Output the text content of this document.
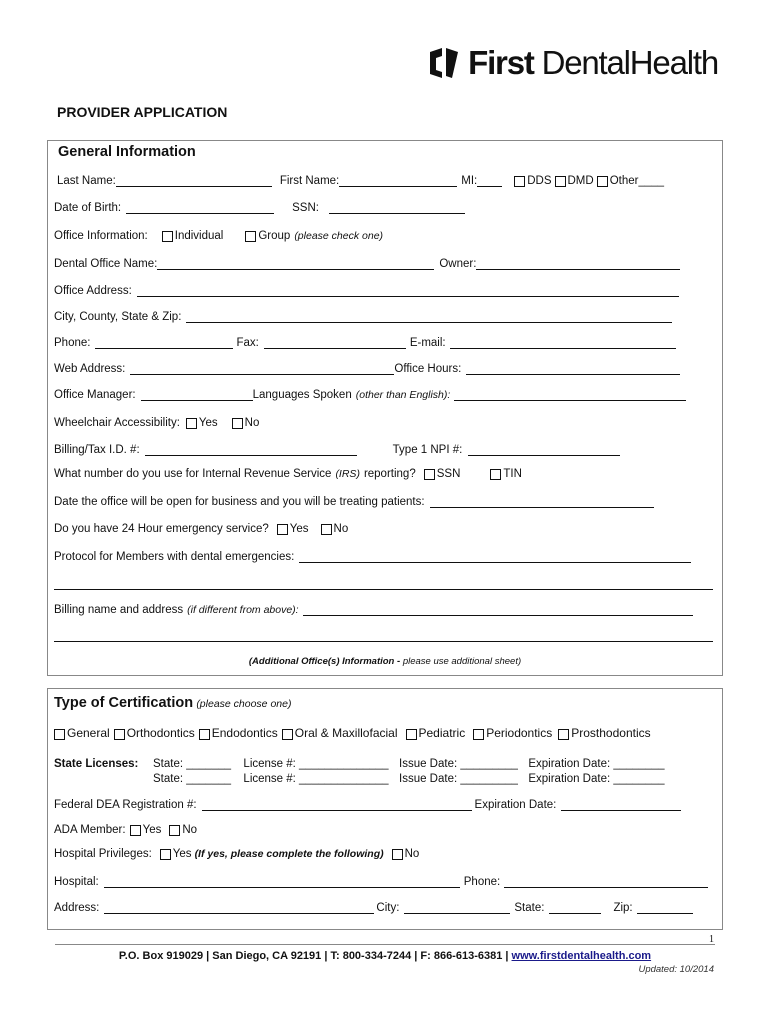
First DentalHealth
PROVIDER APPLICATION
General Information
Last Name:	First Name:	MI:	DDS DMD Other____
Date of Birth:	SSN:
Office Information: Individual	Group (please check one)
Dental Office Name:	Owner:
Office Address:
City, County, State & Zip:
Phone:	Fax:	E-mail:
Web Address:	Office Hours:
Office Manager:	Languages Spoken (other than English):
Wheelchair Accessibility: Yes No
Billing/Tax I.D. #:	Type 1 NPI #:
What number do you use for Internal Revenue Service (IRS) reporting? SSN	TIN
Date the office will be open for business and you will be treating patients:
Do you have 24 Hour emergency service? Yes No
Protocol for Members with dental emergencies:
Billing name and address (if different from above):
(Additional Office(s) Information - please use additional sheet)
Type of Certification (please choose one)
General Orthodontics Endodontics Oral & Maxillofacial Pediatric Periodontics Prosthodontics
State Licenses: State: _______ License #: ______________ Issue Date: _________ Expiration Date: ________
State: _______ License #: ______________ Issue Date: _________ Expiration Date: ________
Federal DEA Registration #:	Expiration Date:
ADA Member: Yes No
Hospital Privileges: Yes (If yes, please complete the following) No
Hospital:	Phone:
Address:	City:	State:	Zip:
1
P.O. Box 919029 | San Diego, CA 92191 | T: 800-334-7244 | F: 866-613-6381 | www.firstdentalhealth.com
Updated: 10/2014
